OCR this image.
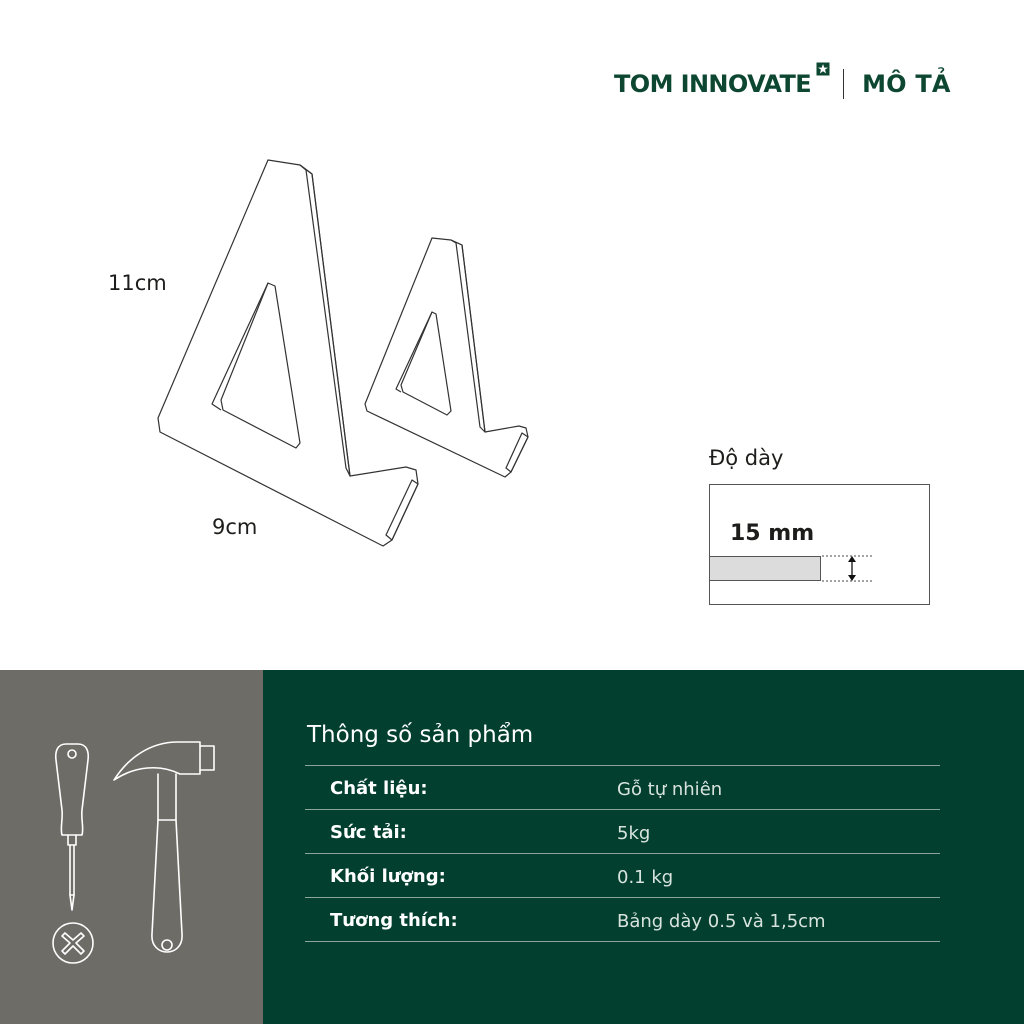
TOM INNOVATE MÔ TẢ
11cm
9cm
Độ dày
15 mm
Thông số sản phẩm
Chất liệu:	Gỗ tự nhiên
Sức tải:	5kg
Khối lượng:	0.1 kg
Tương thích:	Bảng dày 0.5 và 1,5cm
